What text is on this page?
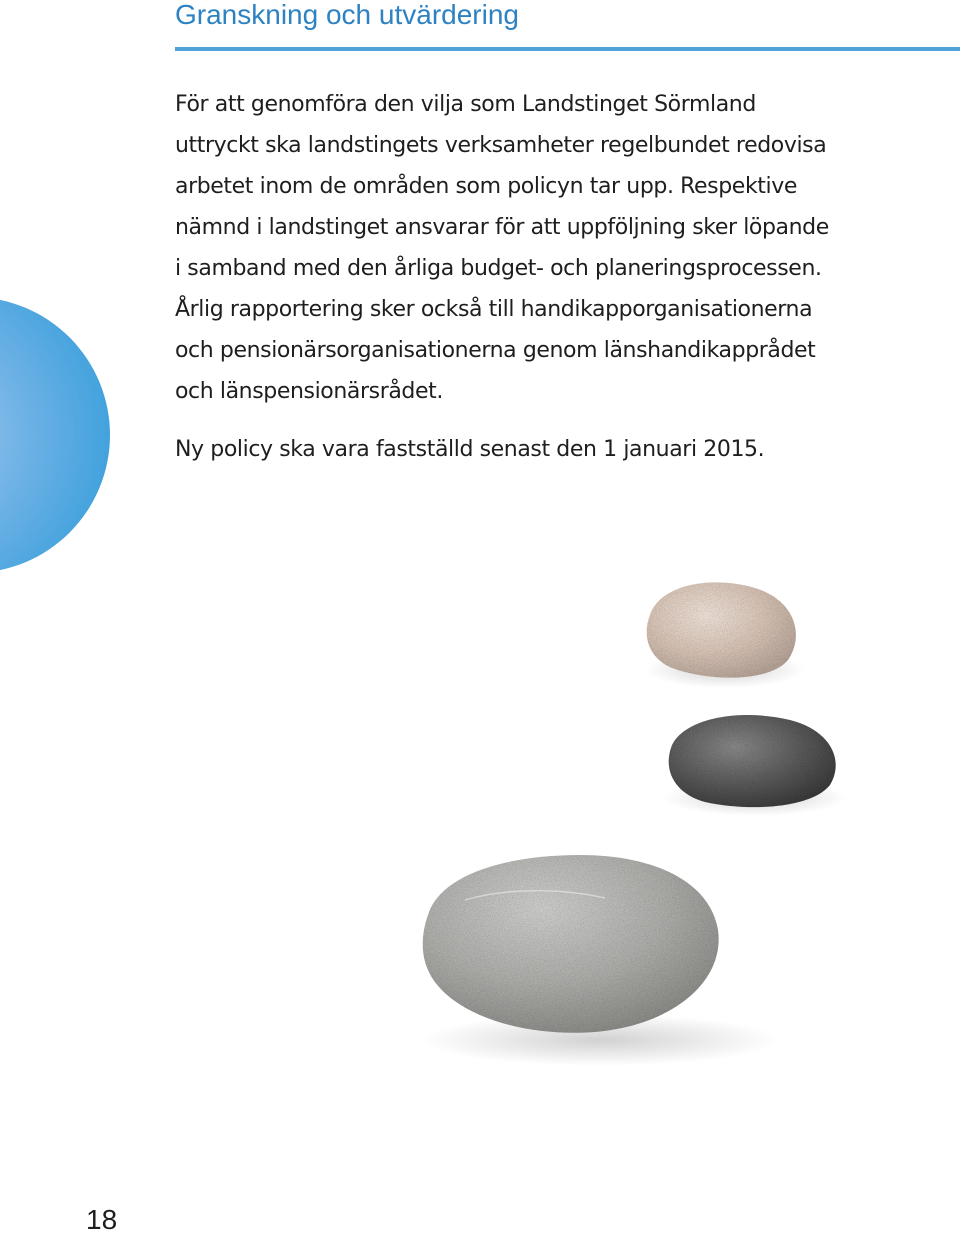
Granskning och utvärdering

För att genomföra den vilja som Landstinget Sörmland
uttryckt ska landstingets verksamheter regelbundet redovisa
arbetet inom de områden som policyn tar upp. Respektive
nämnd i landstinget ansvarar för att uppföljning sker löpande
i samband med den årliga budget- och planeringsprocessen.
Årlig rapportering sker också till handikapporganisationerna
och pensionärsorganisationerna genom länshandikapprådet
och länspensionärsrådet.

Ny policy ska vara fastställd senast den 1 januari 2015.

18
